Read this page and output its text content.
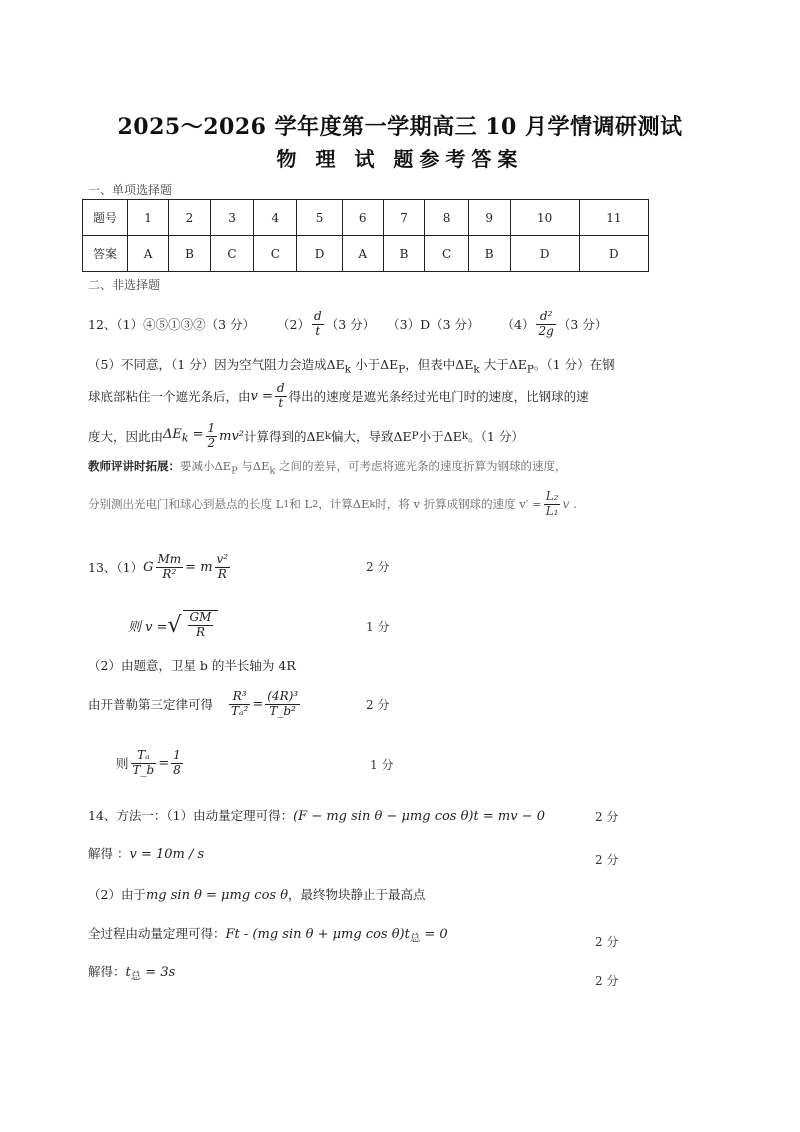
2025～2026 学年度第一学期高三 10 月学情调研测试
物 理 试 题参考答案
一、单项选择题
题号	1	2	3	4	5	6	7	8	9	10	11
答案	A	B	C	C	D	A	B	C	B	D	D
二、非选择题
12、（1）④⑤①③②（3 分） $(2) \frac{d}{t} (3$ 分） （3）D（3 分） $(4) \frac{\text{d²}}{2g} (3$ 分）
（5）不同意，（1 分）因为空气阻力会造成$\Delta E_k$ 小于$\Delta E_P$，但表中$\Delta E_k$ 大于$\Delta E_P$。（1 分）在钢
球底部粘住一个遮光条后，由 $v = \frac{d}{t}$ 得出的速度是遮光条经过光电门时的速度，比钢球的速
度大，因此由 $\Delta E_k = \frac{1}{2} mv^2$ 计算得到的ΔE k 偏大，导致ΔE P 小于ΔE k 。（1 分）
教师评讲时拓展：要减小$\Delta E_P$ 与$\Delta E_k$ 之间的差异，可考虑将遮光条的速度折算为钢球的速度，
分别测出光电门和球心到悬点的长度 L 1 和 L 2 ，计算ΔE k 时，将 v 折算成钢球的速度 $v' = \frac{\text{L₂}}{\text{L₁}}$ v .
13、（1） G $\frac{Mm}{\text{R²}} = m \frac{\text{v²}}{R}$	2 分
则 v = √ $\frac{GM}{R}$	1 分
（2）由题意，卫星 b 的半长轴为 4R
由开普勒第三定律可得 $\frac{\text{R³}}{\text{Tₐ²}} = \frac{\text{(4R)³}}{\text{T\_b²}}$	2 分
则 $\frac{\text{Tₐ}}{T\_b} = \frac{1}{8}$	1 分
14、方法一：（1）由动量定理可得：(F − mg sin θ − μmg cos θ)t = mv − 0	2 分
解得 ：v = 10m / s	2 分
（2）由于mg sin θ = μmg cos θ，最终物块静止于最高点
全过程由动量定理可得：Ft - (mg sin θ + μmg $\cos \theta)t_总 = 0$	2 分
解得：$t_总 = 3s$
2 分
